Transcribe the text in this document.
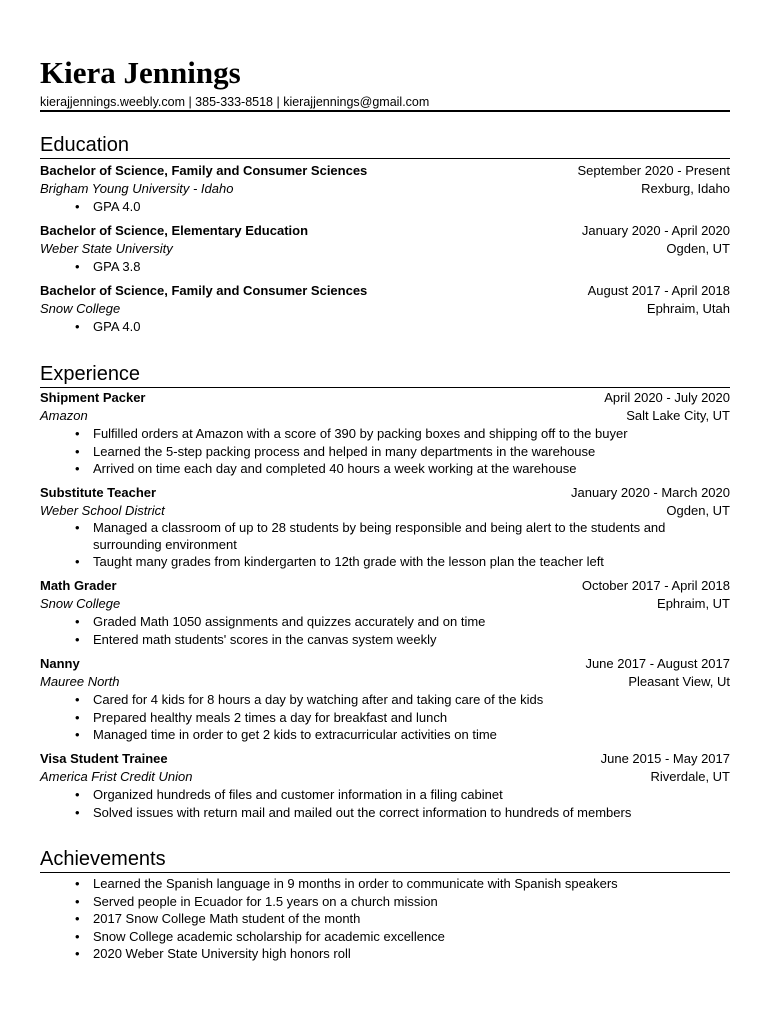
Kiera Jennings
kierajjennings.weebly.com | 385-333-8518 | kierajjennings@gmail.com
Education
Bachelor of Science, Family and Consumer Sciences	September 2020 - Present
Brigham Young University - Idaho	Rexburg, Idaho
• GPA 4.0
Bachelor of Science, Elementary Education	January 2020 - April 2020
Weber State University	Ogden, UT
• GPA 3.8
Bachelor of Science, Family and Consumer Sciences	August 2017 - April 2018
Snow College	Ephraim, Utah
• GPA 4.0
Experience
Shipment Packer	April 2020 - July 2020
Amazon	Salt Lake City, UT
• Fulfilled orders at Amazon with a score of 390 by packing boxes and shipping off to the buyer
• Learned the 5-step packing process and helped in many departments in the warehouse
• Arrived on time each day and completed 40 hours a week working at the warehouse
Substitute Teacher	January 2020 - March 2020
Weber School District	Ogden, UT
• Managed a classroom of up to 28 students by being responsible and being alert to the students and surrounding environment
• Taught many grades from kindergarten to 12th grade with the lesson plan the teacher left
Math Grader	October 2017 - April 2018
Snow College	Ephraim, UT
• Graded Math 1050 assignments and quizzes accurately and on time
• Entered math students' scores in the canvas system weekly
Nanny	June 2017 - August 2017
Mauree North	Pleasant View, Ut
• Cared for 4 kids for 8 hours a day by watching after and taking care of the kids
• Prepared healthy meals 2 times a day for breakfast and lunch
• Managed time in order to get 2 kids to extracurricular activities on time
Visa Student Trainee	June 2015 - May 2017
America Frist Credit Union	Riverdale, UT
• Organized hundreds of files and customer information in a filing cabinet
• Solved issues with return mail and mailed out the correct information to hundreds of members
Achievements
• Learned the Spanish language in 9 months in order to communicate with Spanish speakers
• Served people in Ecuador for 1.5 years on a church mission
• 2017 Snow College Math student of the month
• Snow College academic scholarship for academic excellence
• 2020 Weber State University high honors roll
